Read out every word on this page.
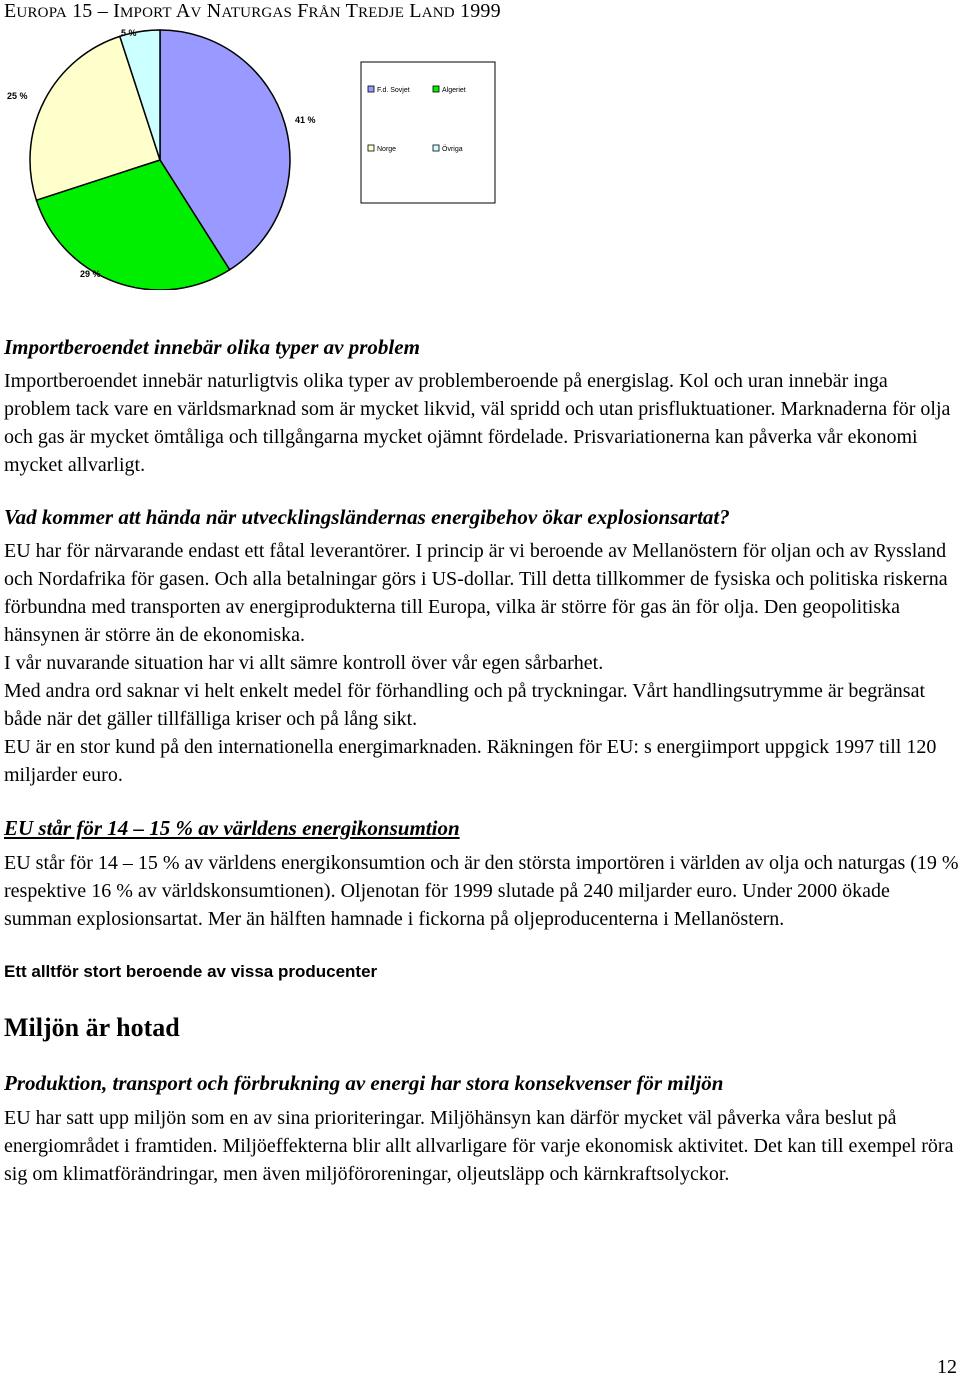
EUROPA 15 – IMPORT AV NATURGAS FRÅN TREDJE LAND 1999
41 %
29 %
25 %
5 %
F.d. Sovjet	Algeriet
Norge	Övriga
Importberoendet innebär olika typer av problem
Importberoendet innebär naturligtvis olika typer av problemberoende på energislag. Kol och uran innebär inga problem tack vare en världsmarknad som är mycket likvid, väl spridd och utan prisfluktuationer. Marknaderna för olja och gas är mycket ömtåliga och tillgångarna mycket ojämnt fördelade. Prisvariationerna kan påverka vår ekonomi mycket allvarligt.
Vad kommer att hända när utvecklingsländernas energibehov ökar explosionsartat?

EU har för närvarande endast ett fåtal leverantörer. I princip är vi beroende av Mellanöstern för oljan och av Ryssland och Nordafrika för gasen. Och alla betalningar görs i US-dollar. Till detta tillkommer de fysiska och politiska riskerna förbundna med transporten av energiprodukterna till Europa, vilka är större för gas än för olja. Den geopolitiska hänsynen är större än de ekonomiska.

I vår nuvarande situation har vi allt sämre kontroll över vår egen sårbarhet.

Med andra ord saknar vi helt enkelt medel för förhandling och på tryckningar. Vårt handlingsutrymme är begränsat både när det gäller tillfälliga kriser och på lång sikt.

EU är en stor kund på den internationella energimarknaden. Räkningen för EU: s energiimport uppgick 1997 till 120 miljarder euro.

EU står för 14 – 15 % av världens energikonsumtion
EU står för 14 – 15 % av världens energikonsumtion och är den största importören i världen av olja och naturgas (19 % respektive 16 % av världskonsumtionen). Oljenotan för 1999 slutade på 240 miljarder euro. Under 2000 ökade summan explosionsartat. Mer än hälften hamnade i fickorna på oljeproducenterna i Mellanöstern.
Ett alltför stort beroende av vissa producenter
Miljön är hotad
Produktion, transport och förbrukning av energi har stora konsekvenser för miljön
EU har satt upp miljön som en av sina prioriteringar. Miljöhänsyn kan därför mycket väl påverka våra beslut på energiområdet i framtiden. Miljöeffekterna blir allt allvarligare för varje ekonomisk aktivitet. Det kan till exempel röra sig om klimatförändringar, men även miljöföroreningar, oljeutsläpp och kärnkraftsolyckor.
12
